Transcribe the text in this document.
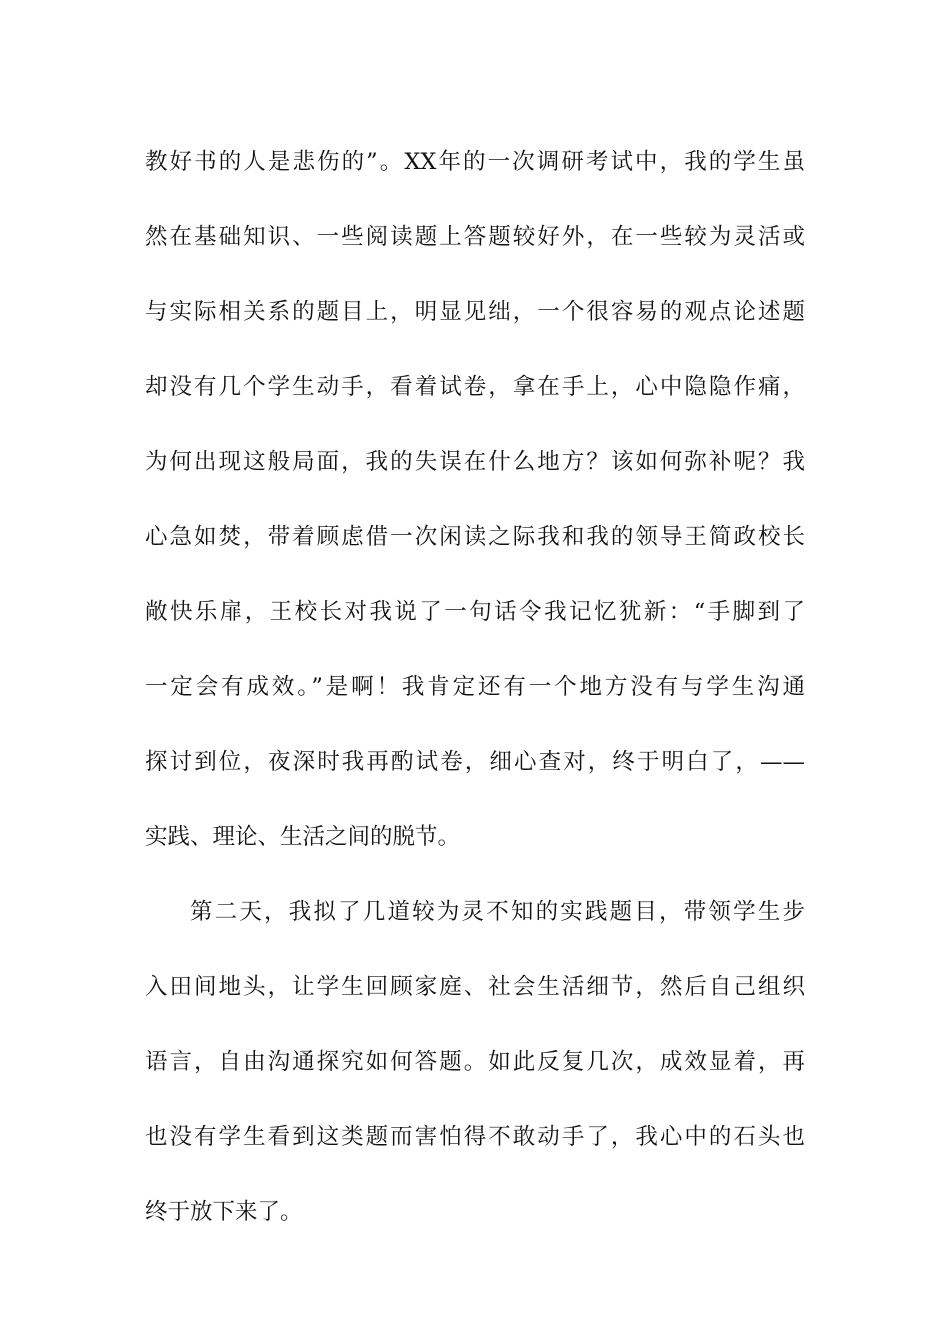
教好书的人是悲伤的”。XX年的一次调研考试中，我的学生虽
然在基础知识、一些阅读题上答题较好外，在一些较为灵活或
与实际相关系的题目上，明显见绌，一个很容易的观点论述题
却没有几个学生动手，看着试卷，拿在手上，心中隐隐作痛，
为何出现这般局面，我的失误在什么地方？该如何弥补呢？我
心急如焚，带着顾虑借一次闲读之际我和我的领导王简政校长
敞快乐扉，王校长对我说了一句话令我记忆犹新：“手脚到了
一定会有成效。”是啊！我肯定还有一个地方没有与学生沟通
探讨到位，夜深时我再酌试卷，细心查对，终于明白了，——
实践、理论、生活之间的脱节。
第二天，我拟了几道较为灵不知的实践题目，带领学生步
入田间地头，让学生回顾家庭、社会生活细节，然后自己组织
语言，自由沟通探究如何答题。如此反复几次，成效显着，再
也没有学生看到这类题而害怕得不敢动手了，我心中的石头也
终于放下来了。
